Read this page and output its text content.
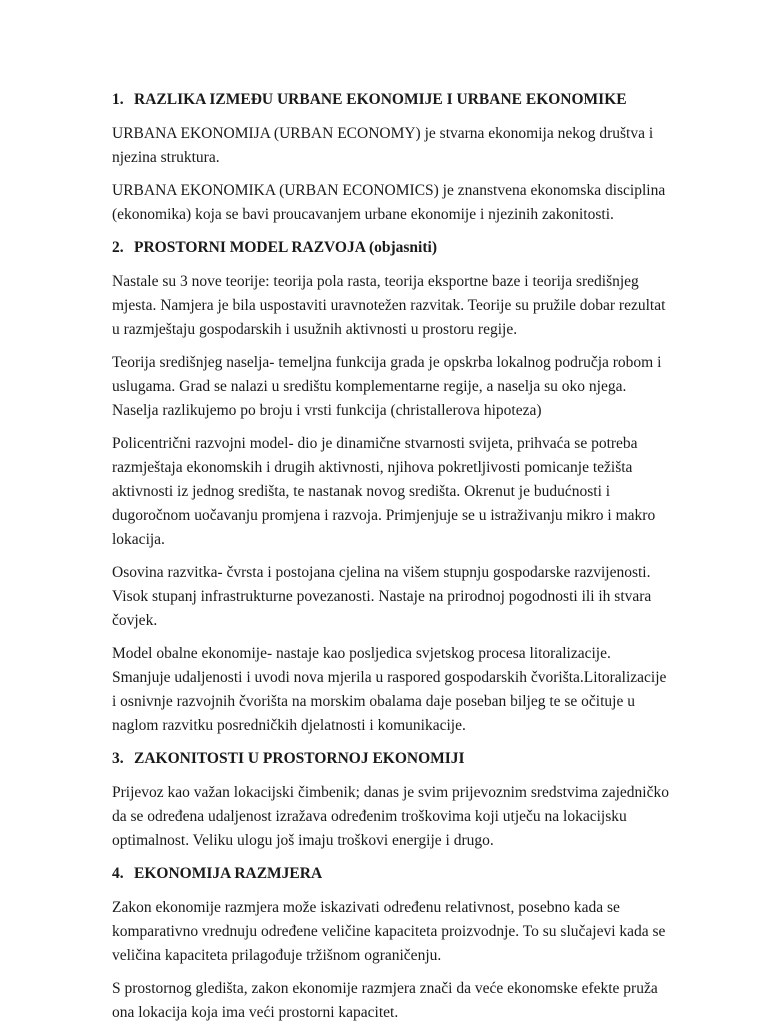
1. RAZLIKA IZMEĐU URBANE EKONOMIJE I URBANE EKONOMIKE

URBANA EKONOMIJA (URBAN ECONOMY) je stvarna ekonomija nekog društva i njezina struktura.

URBANA EKONOMIKA (URBAN ECONOMICS) je znanstvena ekonomska disciplina (ekonomika) koja se bavi proucavanjem urbane ekonomije i njezinih zakonitosti.

2. PROSTORNI MODEL RAZVOJA (objasniti)

Nastale su 3 nove teorije: teorija pola rasta, teorija eksportne baze i teorija središnjeg mjesta. Namjera je bila uspostaviti uravnotežen razvitak. Teorije su pružile dobar rezultat u razmještaju gospodarskih i usužnih aktivnosti u prostoru regije.

Teorija središnjeg naselja- temeljna funkcija grada je opskrba lokalnog područja robom i uslugama. Grad se nalazi u središtu komplementarne regije, a naselja su oko njega. Naselja razlikujemo po broju i vrsti funkcija (christallerova hipoteza)

Policentrični razvojni model- dio je dinamične stvarnosti svijeta, prihvaća se potreba razmještaja ekonomskih i drugih aktivnosti, njihova pokretljivosti pomicanje težišta aktivnosti iz jednog središta, te nastanak novog središta. Okrenut je budućnosti i dugoročnom uočavanju promjena i razvoja. Primjenjuje se u istraživanju mikro i makro lokacija.

Osovina razvitka- čvrsta i postojana cjelina na višem stupnju gospodarske razvijenosti. Visok stupanj infrastrukturne povezanosti. Nastaje na prirodnoj pogodnosti ili ih stvara čovjek.

Model obalne ekonomije- nastaje kao posljedica svjetskog procesa litoralizacije. Smanjuje udaljenosti i uvodi nova mjerila u raspored gospodarskih čvorišta.Litoralizacije i osnivnje razvojnih čvorišta na morskim obalama daje poseban biljeg te se očituje u naglom razvitku posredničkih djelatnosti i komunikacije.

3. ZAKONITOSTI U PROSTORNOJ EKONOMIJI

Prijevoz kao važan lokacijski čimbenik; danas je svim prijevoznim sredstvima zajedničko da se određena udaljenost izražava određenim troškovima koji utječu na lokacijsku optimalnost. Veliku ulogu još imaju troškovi energije i drugo.

4. EKONOMIJA RAZMJERA

Zakon ekonomije razmjera može iskazivati određenu relativnost, posebno kada se komparativno vrednuju određene veličine kapaciteta proizvodnje. To su slučajevi kada se veličina kapaciteta prilagođuje tržišnom ograničenju.

S prostornog gledišta, zakon ekonomije razmjera znači da veće ekonomske efekte pruža ona lokacija koja ima veći prostorni kapacitet.
